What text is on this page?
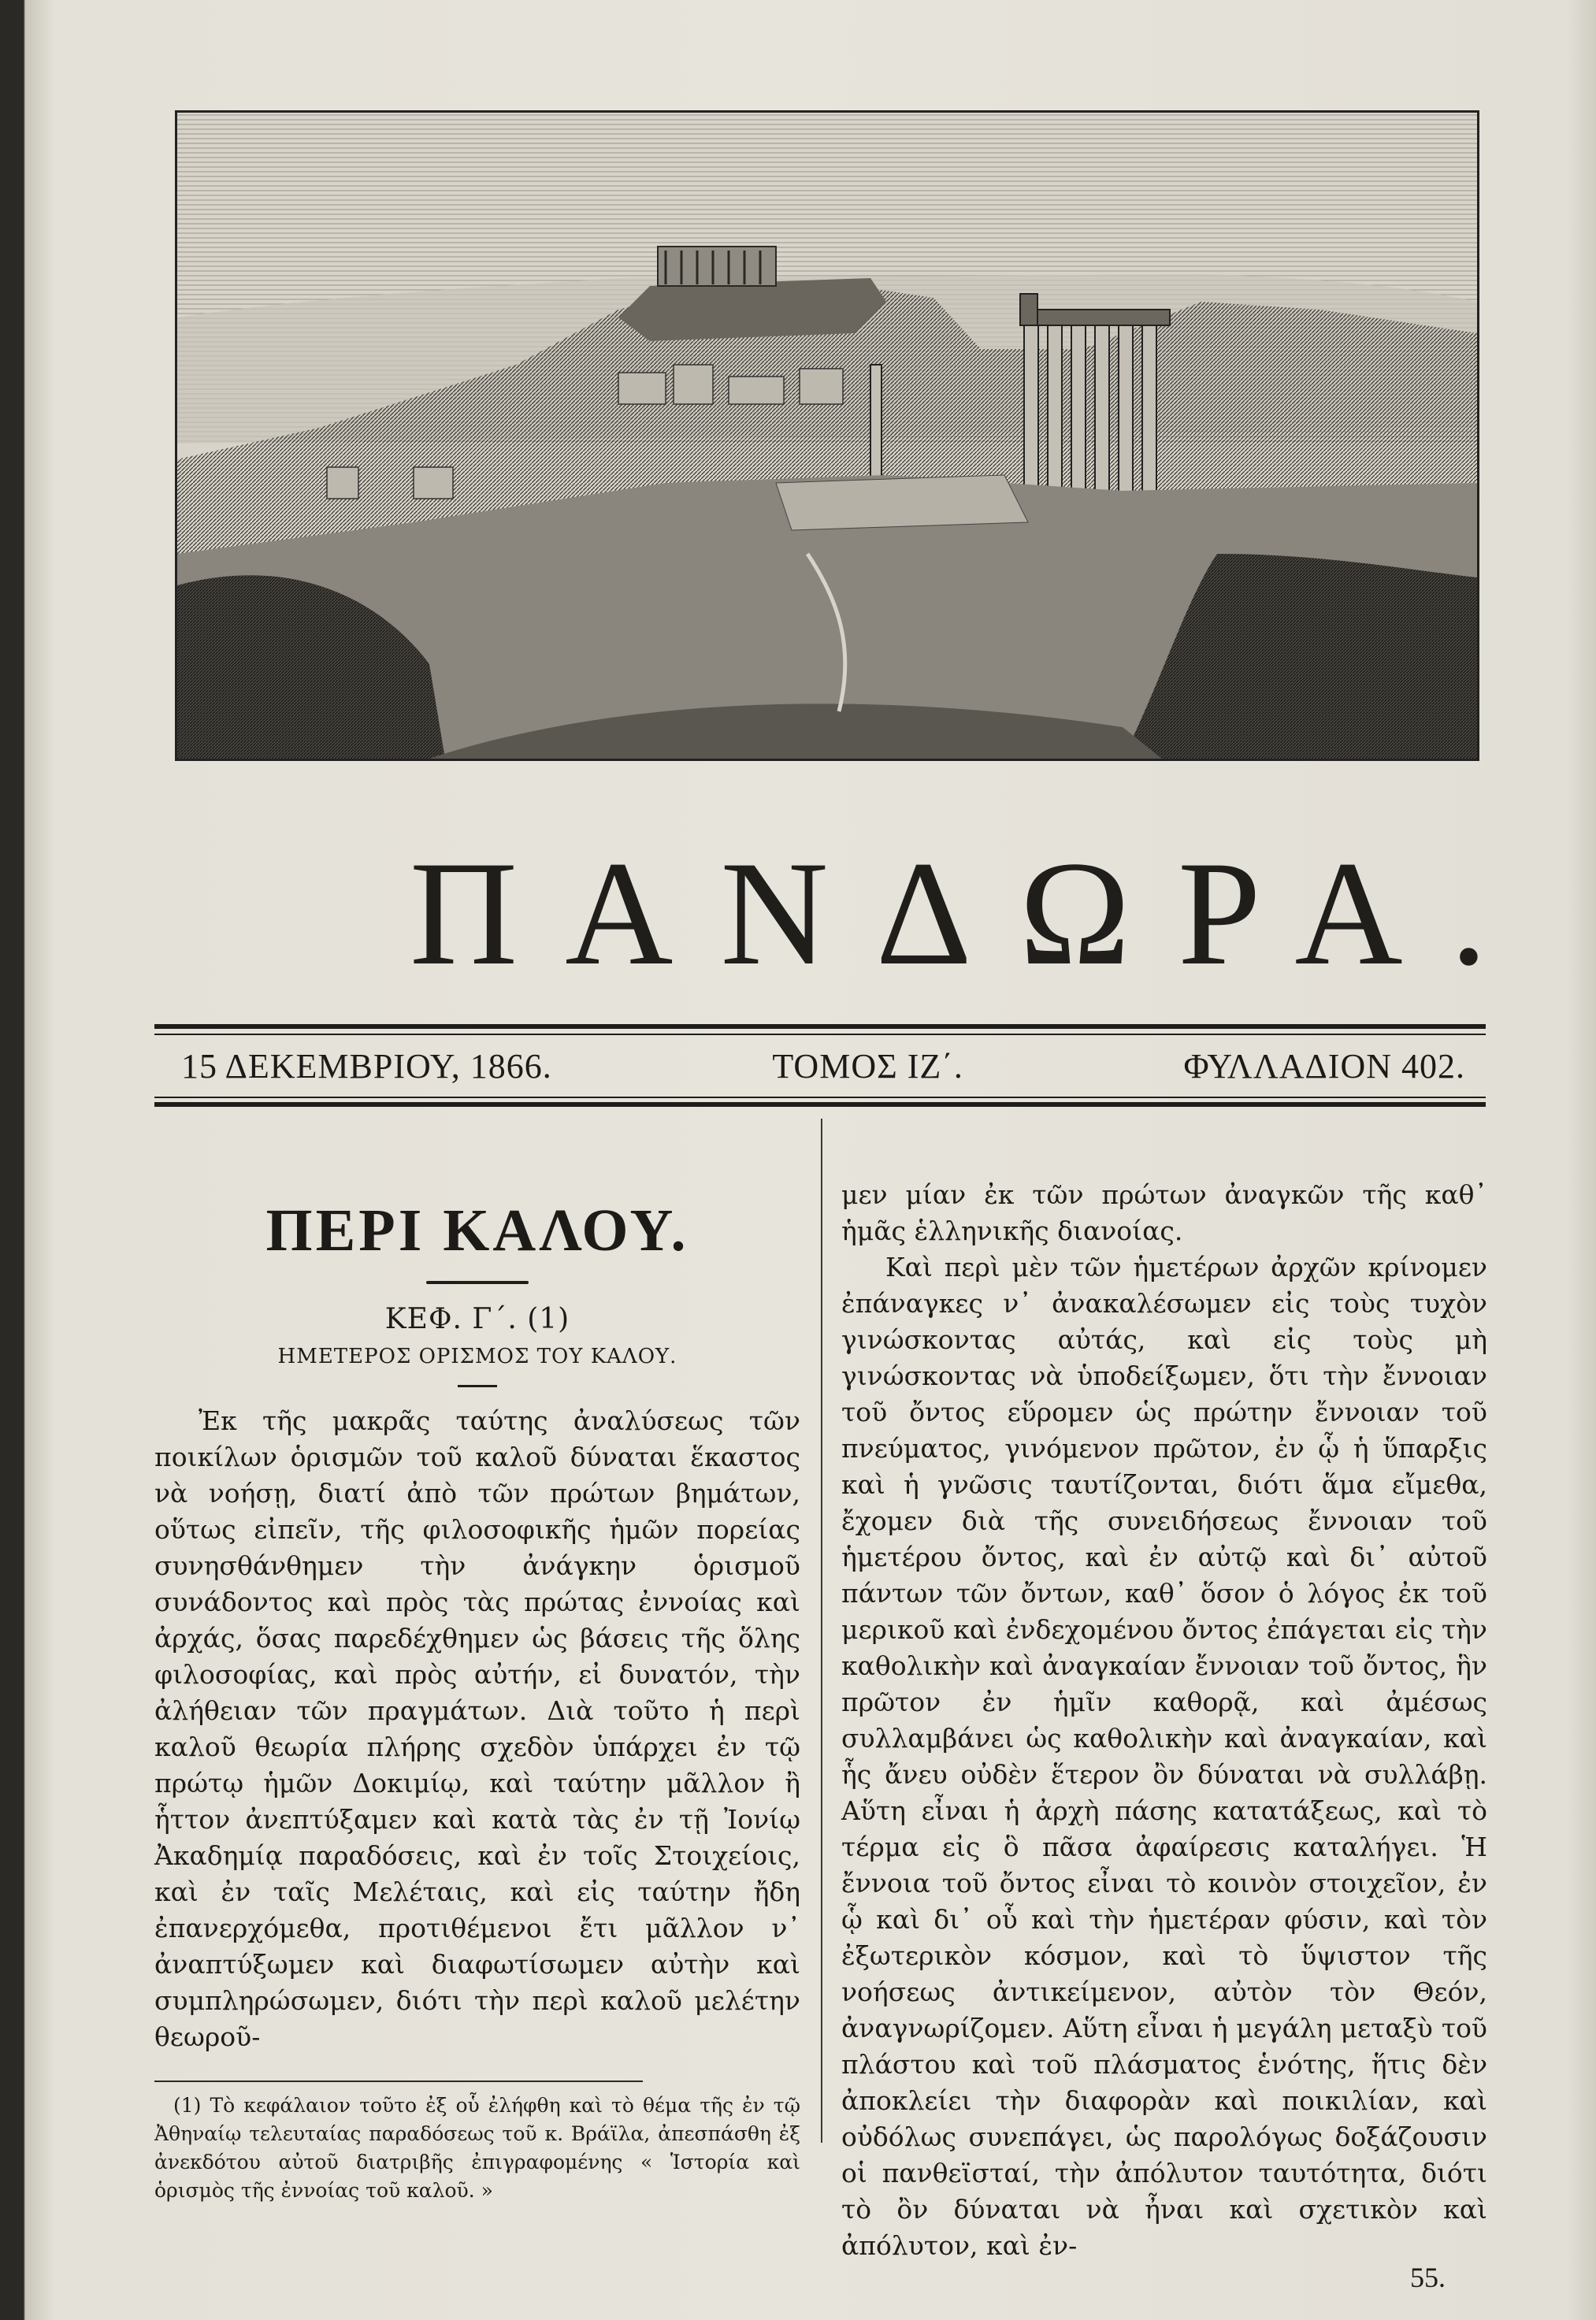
ΠΑΝΔΩΡΑ.
15 ΔΕΚΕΜΒΡΙΟΥ, 1866.	ΤΟΜΟΣ ΙΖ΄.	ΦΥΛΛΑΔΙΟΝ 402.
ΠΕΡΙ ΚΑΛΟΥ.

ΚΕΦ. Γ΄. (1)

ΗΜΕΤΕΡΟΣ ΟΡΙΣΜΟΣ ΤΟΥ ΚΑΛΟΥ.

Ἐκ τῆς μακρᾶς ταύτης ἀναλύσεως τῶν ποικίλων ὁρισμῶν τοῦ καλοῦ δύναται ἕκαστος νὰ νοήσῃ, διατί ἀπὸ τῶν πρώτων βημάτων, οὕτως εἰπεῖν, τῆς φιλοσοφικῆς ἡμῶν πορείας συνησθάνθημεν τὴν ἀνάγκην ὁρισμοῦ συνάδοντος καὶ πρὸς τὰς πρώτας ἐννοίας καὶ ἀρχάς, ὅσας παρεδέχθημεν ὡς βάσεις τῆς ὅλης φιλοσοφίας, καὶ πρὸς αὐτήν, εἰ δυνατόν, τὴν ἀλήθειαν τῶν πραγμάτων. Διὰ τοῦτο ἡ περὶ καλοῦ θεωρία πλήρης σχεδὸν ὑπάρχει ἐν τῷ πρώτῳ ἡμῶν Δοκιμίῳ, καὶ ταύτην μᾶλλον ἢ ἧττον ἀνεπτύξαμεν καὶ κατὰ τὰς ἐν τῇ Ἰονίῳ Ἀκαδημίᾳ παραδόσεις, καὶ ἐν τοῖς Στοιχείοις, καὶ ἐν ταῖς Μελέταις, καὶ εἰς ταύτην ἤδη ἐπανερχόμεθα, προτιθέμενοι ἔτι μᾶλλον ν᾽ ἀναπτύξωμεν καὶ διαφωτίσωμεν αὐτὴν καὶ συμπληρώσωμεν, διότι τὴν περὶ καλοῦ μελέτην θεωροῦ-

(1) Τὸ κεφάλαιον τοῦτο ἐξ οὗ ἐλήφθη καὶ τὸ θέμα τῆς ἐν τῷ Ἀθηναίῳ τελευταίας παραδόσεως τοῦ κ. Βράϊλα, ἀπεσπάσθη ἐξ ἀνεκδότου αὐτοῦ διατριβῆς ἐπιγραφομένης « Ἱστορία καὶ ὁρισμὸς τῆς ἐννοίας τοῦ καλοῦ. »

μεν μίαν ἐκ τῶν πρώτων ἀναγκῶν τῆς καθ᾽ ἡμᾶς ἑλληνικῆς διανοίας.

Καὶ περὶ μὲν τῶν ἡμετέρων ἀρχῶν κρίνομεν ἐπάναγκες ν᾽ ἀνακαλέσωμεν εἰς τοὺς τυχὸν γινώσκοντας αὐτάς, καὶ εἰς τοὺς μὴ γινώσκοντας νὰ ὑποδείξωμεν, ὅτι τὴν ἔννοιαν τοῦ ὄντος εὕρομεν ὡς πρώτην ἔννοιαν τοῦ πνεύματος, γινόμενον πρῶτον, ἐν ᾧ ἡ ὕπαρξις καὶ ἡ γνῶσις ταυτίζονται, διότι ἅμα εἴμεθα, ἔχομεν διὰ τῆς συνειδήσεως ἔννοιαν τοῦ ἡμετέρου ὄντος, καὶ ἐν αὐτῷ καὶ δι᾽ αὐτοῦ πάντων τῶν ὄντων, καθ᾽ ὅσον ὁ λόγος ἐκ τοῦ μερικοῦ καὶ ἐνδεχομένου ὄντος ἐπάγεται εἰς τὴν καθολικὴν καὶ ἀναγκαίαν ἔννοιαν τοῦ ὄντος, ἣν πρῶτον ἐν ἡμῖν καθορᾷ, καὶ ἀμέσως συλλαμβάνει ὡς καθολικὴν καὶ ἀναγκαίαν, καὶ ἧς ἄνευ οὐδὲν ἕτερον ὂν δύναται νὰ συλλάβῃ. Αὕτη εἶναι ἡ ἀρχὴ πάσης κατατάξεως, καὶ τὸ τέρμα εἰς ὃ πᾶσα ἀφαίρεσις καταλήγει. Ἡ ἔννοια τοῦ ὄντος εἶναι τὸ κοινὸν στοιχεῖον, ἐν ᾧ καὶ δι᾽ οὗ καὶ τὴν ἡμετέραν φύσιν, καὶ τὸν ἐξωτερικὸν κόσμον, καὶ τὸ ὕψιστον τῆς νοήσεως ἀντικείμενον, αὐτὸν τὸν Θεόν, ἀναγνωρίζομεν. Αὕτη εἶναι ἡ μεγάλη μεταξὺ τοῦ πλάστου καὶ τοῦ πλάσματος ἑνότης, ἥτις δὲν ἀποκλείει τὴν διαφορὰν καὶ ποικιλίαν, καὶ οὐδόλως συνεπάγει, ὡς παρολόγως δοξάζουσιν οἱ πανθεϊσταί, τὴν ἀπόλυτον ταυτότητα, διότι τὸ ὂν δύναται νὰ ἦναι καὶ σχετικὸν καὶ ἀπόλυτον, καὶ ἐν-

55.
